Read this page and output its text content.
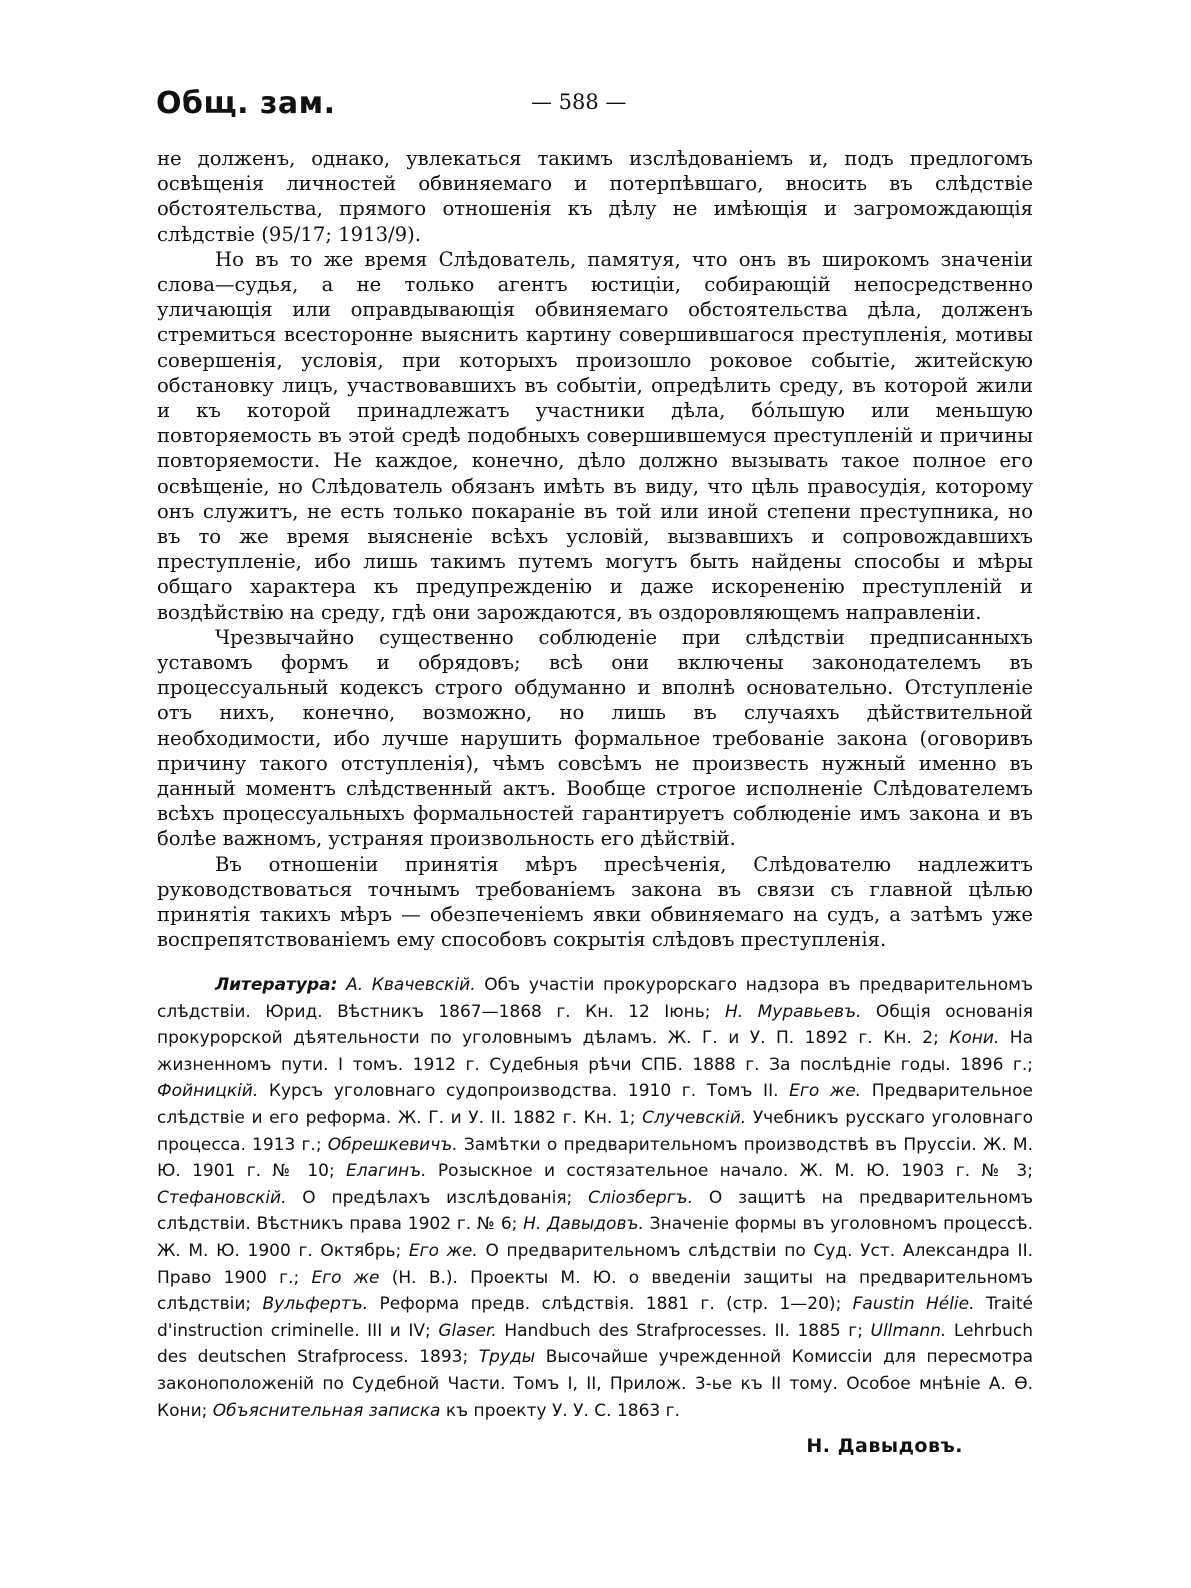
Общ. зам.	— 588 —

не долженъ, однако, увлекаться такимъ изслѣдованіемъ и, подъ предлогомъ освѣщенія личностей обвиняемаго и потерпѣвшаго, вносить въ слѣдствіе обстоятельства, прямого отношенія къ дѣлу не имѣющія и загромождающія слѣдствіе (95/17; 1913/9).

Но въ то же время Слѣдователь, памятуя, что онъ въ широкомъ значеніи слова—судья, а не только агентъ юстиціи, собирающій непосредственно уличающія или оправдывающія обвиняемаго обстоятельства дѣла, долженъ стремиться всесторонне выяснить картину совершившагося преступленія, мотивы совершенія, условія, при которыхъ произошло роковое событіе, житейскую обстановку лицъ, участвовавшихъ въ событіи, опредѣлить среду, въ которой жили и къ которой принадлежатъ участники дѣла, бóльшую или меньшую повторяемость въ этой средѣ подобныхъ совершившемуся преступленій и причины повторяемости. Не каждое, конечно, дѣло должно вызывать такое полное его освѣщеніе, но Слѣдователь обязанъ имѣть въ виду, что цѣль правосудія, которому онъ служитъ, не есть только покараніе въ той или иной степени преступника, но въ то же время выясненіе всѣхъ условій, вызвавшихъ и сопровождавшихъ преступленіе, ибо лишь такимъ путемъ могутъ быть найдены способы и мѣры общаго характера къ предупрежденію и даже искорененію преступленій и воздѣйствію на среду, гдѣ они зарождаются, въ оздоровляющемъ направленіи.

Чрезвычайно существенно соблюденіе при слѣдствіи предписанныхъ уставомъ формъ и обрядовъ; всѣ они включены законодателемъ въ процессуальный кодексъ строго обдуманно и вполнѣ основательно. Отступленіе отъ нихъ, конечно, возможно, но лишь въ случаяхъ дѣйствительной необходимости, ибо лучше нарушить формальное требованіе закона (оговоривъ причину такого отступленія), чѣмъ совсѣмъ не произвесть нужный именно въ данный моментъ слѣдственный актъ. Вообще строгое исполненіе Слѣдователемъ всѣхъ процессуальныхъ формальностей гарантируетъ соблюденіе имъ закона и въ болѣе важномъ, устраняя произвольность его дѣйствій.

Въ отношеніи принятія мѣръ пресѣченія, Слѣдователю надлежитъ руководствоваться точнымъ требованіемъ закона въ связи съ главной цѣлью принятія такихъ мѣръ — обезпеченіемъ явки обвиняемаго на судъ, а затѣмъ уже воспрепятствованіемъ ему способовъ сокрытія слѣдовъ преступленія.

Литература: А. Квачевскій. Объ участіи прокурорскаго надзора въ предварительномъ слѣдствіи. Юрид. Вѣстникъ 1867—1868 г. Кн. 12 Іюнь; Н. Муравьевъ. Общія основанія прокурорской дѣятельности по уголовнымъ дѣламъ. Ж. Г. и У. П. 1892 г. Кн. 2; Кони. На жизненномъ пути. I томъ. 1912 г. Судебныя рѣчи СПБ. 1888 г. За послѣдніе годы. 1896 г.; Фойницкій. Курсъ уголовнаго судопроизводства. 1910 г. Томъ II. Его же. Предварительное слѣдствіе и его реформа. Ж. Г. и У. II. 1882 г. Кн. 1; Случевскій. Учебникъ русскаго уголовнаго процесса. 1913 г.; Обрешкевичъ. Замѣтки о предварительномъ производствѣ въ Пруссіи. Ж. М. Ю. 1901 г. № 10; Елагинъ. Розыскное и состязательное начало. Ж. М. Ю. 1903 г. № 3; Стефановскій. О предѣлахъ изслѣдованія; Сліозбергъ. О защитѣ на предварительномъ слѣдствіи. Вѣстникъ права 1902 г. № 6; Н. Давыдовъ. Значеніе формы въ уголовномъ процессѣ. Ж. М. Ю. 1900 г. Октябрь; Его же. О предварительномъ слѣдствіи по Суд. Уст. Александра II. Право 1900 г.; Его же (Н. В.). Проекты М. Ю. о введеніи защиты на предварительномъ слѣдствіи; Вульфертъ. Реформа предв. слѣдствія. 1881 г. (стр. 1—20); Faustin Hélie. Traité d'instruction criminelle. III и IV; Glaser. Handbuch des Strafprocesses. II. 1885 г; Ullmann. Lehrbuch des deutschen Strafprocess. 1893; Труды Высочайше учрежденной Комиссіи для пересмотра законоположеній по Судебной Части. Томъ I, II, Прилож. 3-ье къ II тому. Особое мнѣніе А. Ѳ. Кони; Объяснительная записка къ проекту У. У. С. 1863 г.

Н. Давыдовъ.
